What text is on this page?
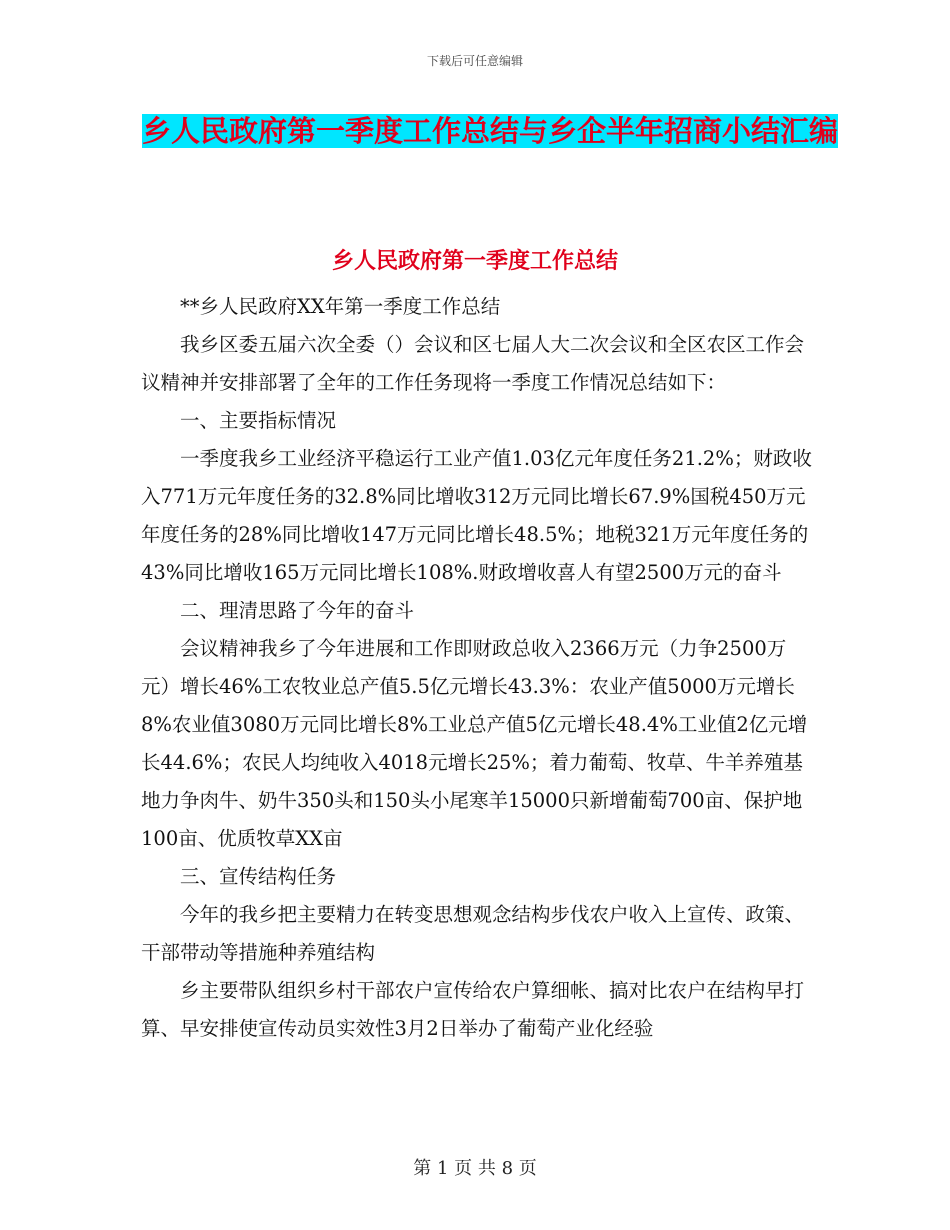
下载后可任意编辑
乡人民政府第一季度工作总结与乡企半年招商小结汇编
乡人民政府第一季度工作总结

**乡人民政府XX年第一季度工作总结

我乡区委五届六次全委（）会议和区七届人大二次会议和全区农区工作会议精神并安排部署了全年的工作任务现将一季度工作情况总结如下：

一、主要指标情况

一季度我乡工业经济平稳运行工业产值1.03亿元年度任务21.2%；财政收入771万元年度任务的32.8%同比增收312万元同比增长67.9%国税450万元年度任务的28%同比增收147万元同比增长48.5%；地税321万元年度任务的43%同比增收165万元同比增长108%.财政增收喜人有望2500万元的奋斗

二、理清思路了今年的奋斗

会议精神我乡了今年进展和工作即财政总收入2366万元（力争2500万元）增长46%工农牧业总产值5.5亿元增长43.3%：农业产值5000万元增长8%农业值3080万元同比增长8%工业总产值5亿元增长48.4%工业值2亿元增长44.6%；农民人均纯收入4018元增长25%；着力葡萄、牧草、牛羊养殖基地力争肉牛、奶牛350头和150头小尾寒羊15000只新增葡萄700亩、保护地100亩、优质牧草XX亩

三、宣传结构任务

今年的我乡把主要精力在转变思想观念结构步伐农户收入上宣传、政策、干部带动等措施种养殖结构

乡主要带队组织乡村干部农户宣传给农户算细帐、搞对比农户在结构早打算、早安排使宣传动员实效性3月2日举办了葡萄产业化经验

第 1 页 共 8 页
